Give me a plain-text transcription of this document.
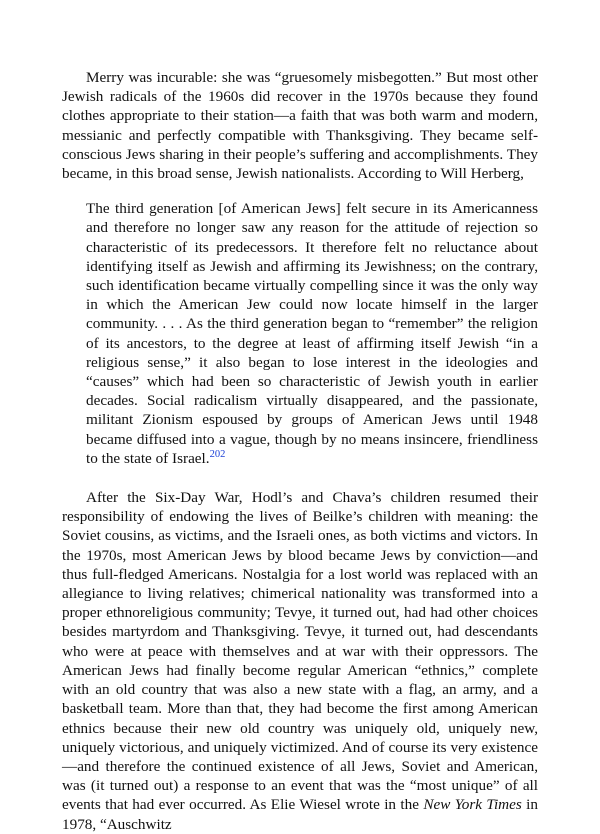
Merry was incurable: she was “gruesomely misbegotten.” But most other Jewish radicals of the 1960s did recover in the 1970s because they found clothes appropriate to their station—a faith that was both warm and modern, messianic and perfectly compatible with Thanksgiving. They became self-conscious Jews sharing in their people’s suffering and accomplishments. They became, in this broad sense, Jewish nationalists. According to Will Herberg,

The third generation [of American Jews] felt secure in its Americanness and therefore no longer saw any reason for the attitude of rejection so characteristic of its predecessors. It therefore felt no reluctance about identifying itself as Jewish and affirming its Jewishness; on the contrary, such identification became virtually compelling since it was the only way in which the American Jew could now locate himself in the larger community. . . . As the third generation began to “remember” the religion of its ancestors, to the degree at least of affirming itself Jewish “in a religious sense,” it also began to lose interest in the ideologies and “causes” which had been so characteristic of Jewish youth in earlier decades. Social radicalism virtually disappeared, and the passionate, militant Zionism espoused by groups of American Jews until 1948 became diffused into a vague, though by no means insincere, friendliness to the state of Israel.$^{202}$

After the Six-Day War, Hodl’s and Chava’s children resumed their responsibility of endowing the lives of Beilke’s children with meaning: the Soviet cousins, as victims, and the Israeli ones, as both victims and victors. In the 1970s, most American Jews by blood became Jews by conviction—and thus full-fledged Americans. Nostalgia for a lost world was replaced with an allegiance to living relatives; chimerical nationality was transformed into a proper ethnoreligious community; Tevye, it turned out, had had other choices besides martyrdom and Thanksgiving. Tevye, it turned out, had descendants who were at peace with themselves and at war with their oppressors. The American Jews had finally become regular American “ethnics,” complete with an old country that was also a new state with a flag, an army, and a basketball team. More than that, they had become the first among American ethnics because their new old country was uniquely old, uniquely new, uniquely victorious, and uniquely victimized. And of course its very existence—and therefore the continued existence of all Jews, Soviet and American, was (it turned out) a response to an event that was the “most unique” of all events that had ever occurred. As Elie Wiesel wrote in the New York Times in 1978, “Auschwitz
